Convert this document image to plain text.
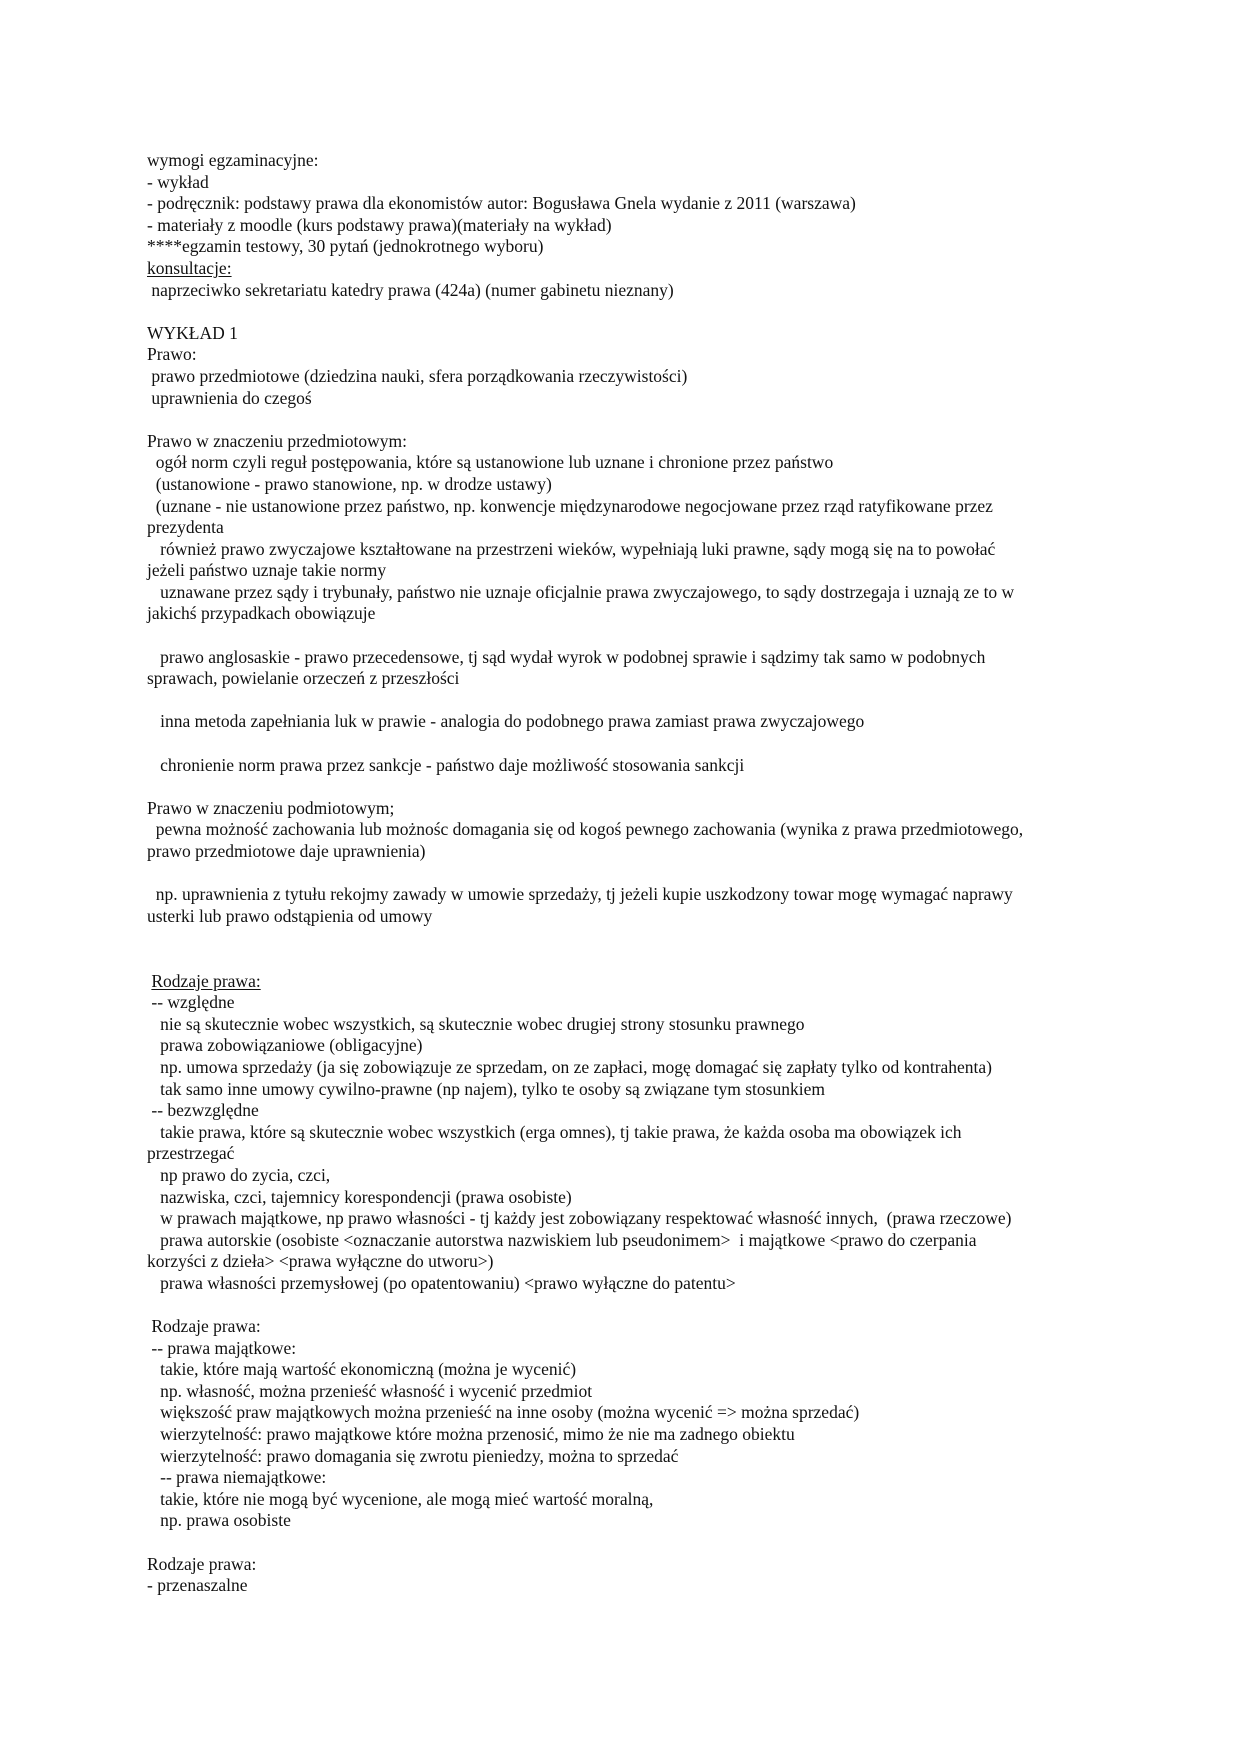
wymogi egzaminacyjne:
- wykład
- podręcznik: podstawy prawa dla ekonomistów autor: Bogusława Gnela wydanie z 2011 (warszawa)
- materiały z moodle (kurs podstawy prawa)(materiały na wykład)
****egzamin testowy, 30 pytań (jednokrotnego wyboru)
konsultacje:
naprzeciwko sekretariatu katedry prawa (424a) (numer gabinetu nieznany)
WYKŁAD 1
Prawo:
prawo przedmiotowe (dziedzina nauki, sfera porządkowania rzeczywistości)
uprawnienia do czegoś
Prawo w znaczeniu przedmiotowym:
ogół norm czyli reguł postępowania, które są ustanowione lub uznane i chronione przez państwo
(ustanowione - prawo stanowione, np. w drodze ustawy)
(uznane - nie ustanowione przez państwo, np. konwencje międzynarodowe negocjowane przez rząd ratyfikowane przez
prezydenta
również prawo zwyczajowe kształtowane na przestrzeni wieków, wypełniają luki prawne, sądy mogą się na to powołać
jeżeli państwo uznaje takie normy
uznawane przez sądy i trybunały, państwo nie uznaje oficjalnie prawa zwyczajowego, to sądy dostrzegaja i uznają ze to w
jakichś przypadkach obowiązuje
prawo anglosaskie - prawo przecedensowe, tj sąd wydał wyrok w podobnej sprawie i sądzimy tak samo w podobnych
sprawach, powielanie orzeczeń z przeszłości
inna metoda zapełniania luk w prawie - analogia do podobnego prawa zamiast prawa zwyczajowego
chronienie norm prawa przez sankcje - państwo daje możliwość stosowania sankcji
Prawo w znaczeniu podmiotowym;
pewna możność zachowania lub możnośc domagania się od kogoś pewnego zachowania (wynika z prawa przedmiotowego,
prawo przedmiotowe daje uprawnienia)
np. uprawnienia z tytułu rekojmy zawady w umowie sprzedaży, tj jeżeli kupie uszkodzony towar mogę wymagać naprawy
usterki lub prawo odstąpienia od umowy
Rodzaje prawa:
-- względne
nie są skutecznie wobec wszystkich, są skutecznie wobec drugiej strony stosunku prawnego
prawa zobowiązaniowe (obligacyjne)
np. umowa sprzedaży (ja się zobowiązuje ze sprzedam, on ze zapłaci, mogę domagać się zapłaty tylko od kontrahenta)
tak samo inne umowy cywilno-prawne (np najem), tylko te osoby są związane tym stosunkiem
-- bezwzględne
takie prawa, które są skutecznie wobec wszystkich (erga omnes), tj takie prawa, że każda osoba ma obowiązek ich
przestrzegać
np prawo do zycia, czci,
nazwiska, czci, tajemnicy korespondencji (prawa osobiste)
w prawach majątkowe, np prawo własności - tj każdy jest zobowiązany respektować własność innych,  (prawa rzeczowe)
prawa autorskie (osobiste <oznaczanie autorstwa nazwiskiem lub pseudonimem>  i majątkowe <prawo do czerpania
korzyści z dzieła> <prawa wyłączne do utworu>)
prawa własności przemysłowej (po opatentowaniu) <prawo wyłączne do patentu>
Rodzaje prawa:
-- prawa majątkowe:
takie, które mają wartość ekonomiczną (można je wycenić)
np. własność, można przenieść własność i wycenić przedmiot
większość praw majątkowych można przenieść na inne osoby (można wycenić => można sprzedać)
wierzytelność: prawo majątkowe które można przenosić, mimo że nie ma zadnego obiektu
wierzytelność: prawo domagania się zwrotu pieniedzy, można to sprzedać
-- prawa niemajątkowe:
takie, które nie mogą być wycenione, ale mogą mieć wartość moralną,
np. prawa osobiste
Rodzaje prawa:
- przenaszalne
